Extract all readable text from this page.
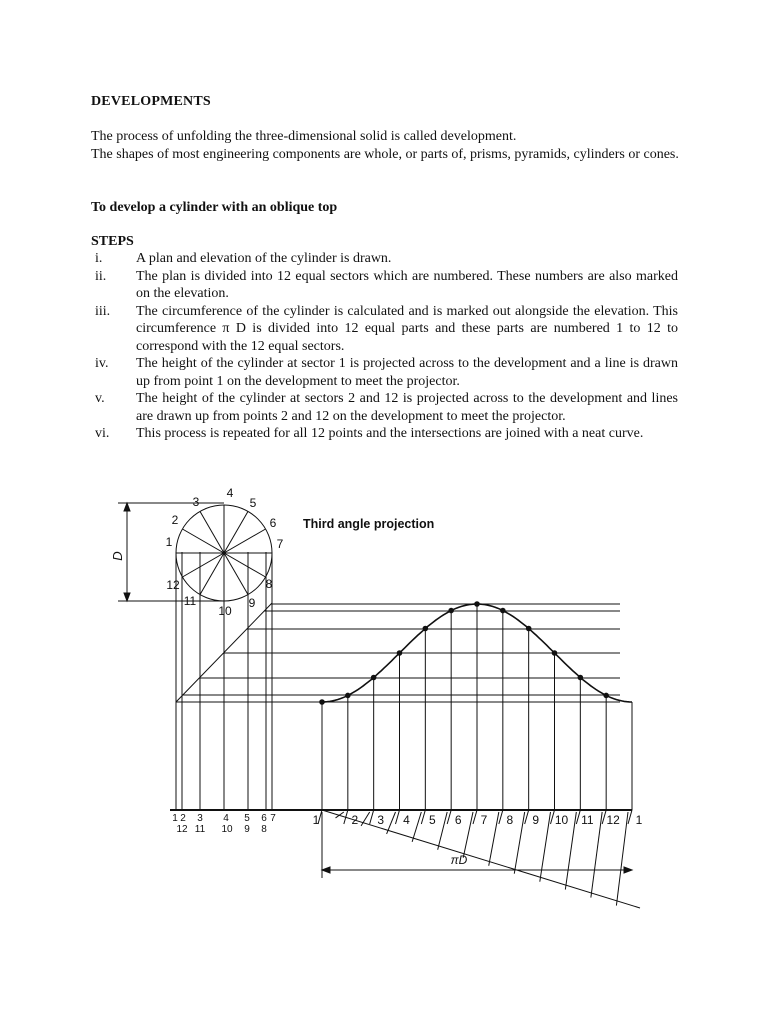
DEVELOPMENTS

The process of unfolding the three-dimensional solid is called development.

The shapes of most engineering components are whole, or parts of, prisms, pyramids, cylinders or cones.

To develop a cylinder with an oblique top
STEPS
i.	A plan and elevation of the cylinder is drawn.
ii.	The plan is divided into 12 equal sectors which are numbered. These numbers are also marked on the elevation.
iii.	The circumference of the cylinder is calculated and is marked out alongside the elevation. This circumference π D is divided into 12 equal parts and these parts are numbered 1 to 12 to correspond with the 12 equal sectors.
iv.	The height of the cylinder at sector 1 is projected across to the development and a line is drawn up from point 1 on the development to meet the projector.
v.	The height of the cylinder at sectors 2 and 12 is projected across to the development and lines are drawn up from points 2 and 12 on the development to meet the projector.
vi.	This process is repeated for all 12 points and the intersections are joined with a neat curve.
1
2
3
4
5
6
7
8
9
10
11
12
1 2 3 4 5 6 7
12 11 10 9 8
1	2 3 4 5 6 7 8 9 10 11 12 1
Third angle projection
D
πD
